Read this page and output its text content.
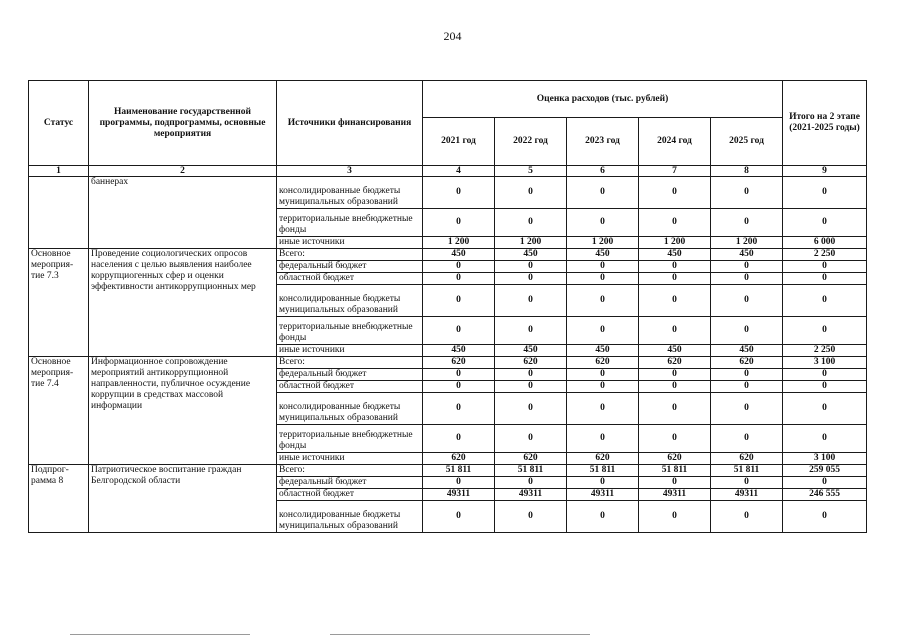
204
Статус	Наименование государственной программы, подпрограммы, основные мероприятия	Источники финансирования	Оценка расходов (тыс. рублей)					Итого на 2 этапе (2021-2025 годы)
			2021 год	2022 год	2023 год	2024 год	2025 год	
1	2	3	4	5	6	7	8	9
	баннерах	консолидированные бюджеты муниципальных образований	0	0	0	0	0	0
		территориальные внебюджетные фонды	0	0	0	0	0	0
		иные источники	1 200	1 200	1 200	1 200	1 200	6 000
Основное мероприя-тие 7.3	Проведение социологических опросов населения с целью выявления наиболее коррупциогенных сфер и оценки эффективности антикоррупционных мер	Всего:	450	450	450	450	450	2 250
		федеральный бюджет	0	0	0	0	0	0
		областной бюджет	0	0	0	0	0	0
		консолидированные бюджеты муниципальных образований	0	0	0	0	0	0
		территориальные внебюджетные фонды	0	0	0	0	0	0
		иные источники	450	450	450	450	450	2 250
Основное мероприя-тие 7.4	Информационное сопровождение мероприятий антикоррупционной направленности, публичное осуждение коррупции в средствах массовой информации	Всего:	620	620	620	620	620	3 100
		федеральный бюджет	0	0	0	0	0	0
		областной бюджет	0	0	0	0	0	0
		консолидированные бюджеты муниципальных образований	0	0	0	0	0	0
		территориальные внебюджетные фонды	0	0	0	0	0	0
		иные источники	620	620	620	620	620	3 100
Подпрог-рамма 8	Патриотическое воспитание граждан Белгородской области	Всего:	51 811	51 811	51 811	51 811	51 811	259 055
		федеральный бюджет	0	0	0	0	0	0
		областной бюджет	49311	49311	49311	49311	49311	246 555
		консолидированные бюджеты муниципальных образований	0	0	0	0	0	0
